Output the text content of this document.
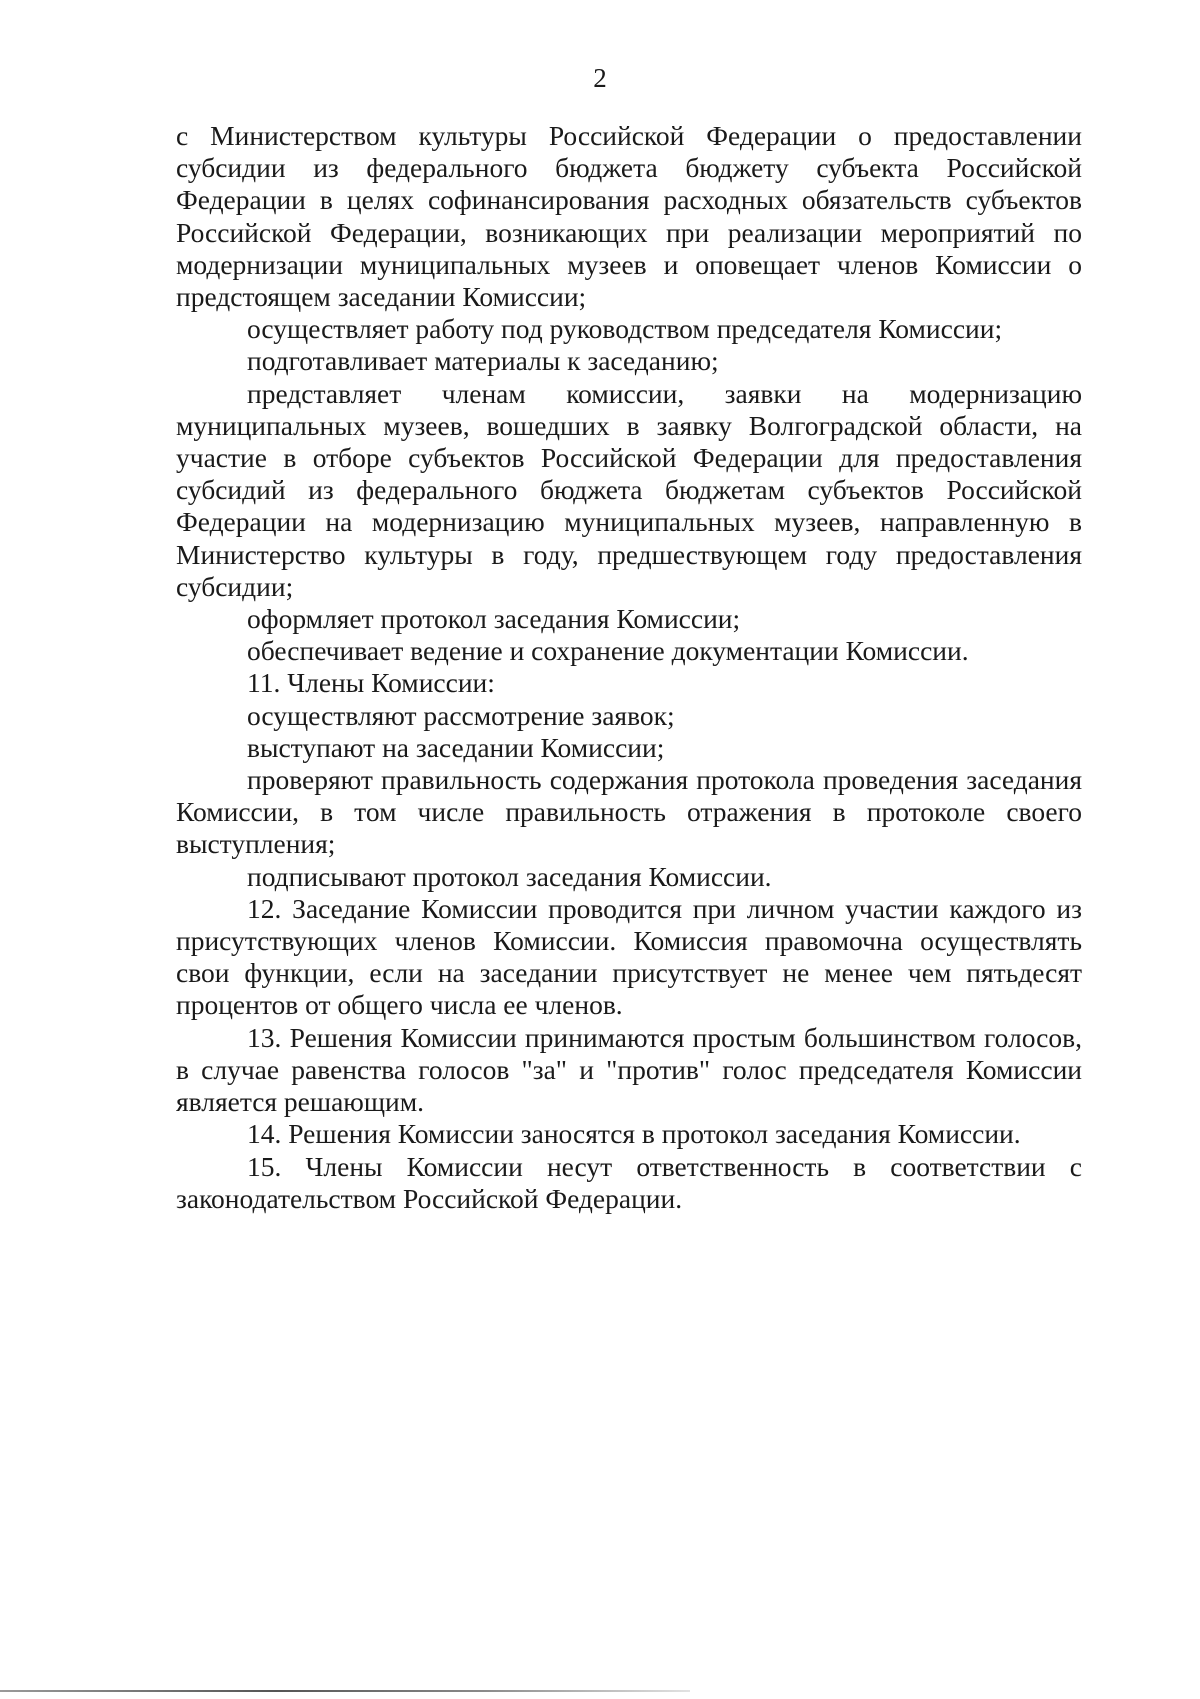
2

с Министерством культуры Российской Федерации о предоставлении субсидии из федерального бюджета бюджету субъекта Российской Федерации в целях софинансирования расходных обязательств субъектов Российской Федерации, возникающих при реализации мероприятий по модернизации муниципальных музеев и оповещает членов Комиссии о предстоящем заседании Комиссии;

осуществляет работу под руководством председателя Комиссии;

подготавливает материалы к заседанию;

представляет членам комиссии, заявки на модернизацию муниципальных музеев, вошедших в заявку Волгоградской области, на участие в отборе субъектов Российской Федерации для предоставления субсидий из федерального бюджета бюджетам субъектов Российской Федерации на модернизацию муниципальных музеев, направленную в Министерство культуры в году, предшествующем году предоставления субсидии;

оформляет протокол заседания Комиссии;

обеспечивает ведение и сохранение документации Комиссии.

11. Члены Комиссии:

осуществляют рассмотрение заявок;

выступают на заседании Комиссии;

проверяют правильность содержания протокола проведения заседания Комиссии, в том числе правильность отражения в протоколе своего выступления;

подписывают протокол заседания Комиссии.

12. Заседание Комиссии проводится при личном участии каждого из присутствующих членов Комиссии. Комиссия правомочна осуществлять свои функции, если на заседании присутствует не менее чем пятьдесят процентов от общего числа ее членов.

13. Решения Комиссии принимаются простым большинством голосов, в случае равенства голосов "за" и "против" голос председателя Комиссии является решающим.

14. Решения Комиссии заносятся в протокол заседания Комиссии.

15. Члены Комиссии несут ответственность в соответствии с законодательством Российской Федерации.
